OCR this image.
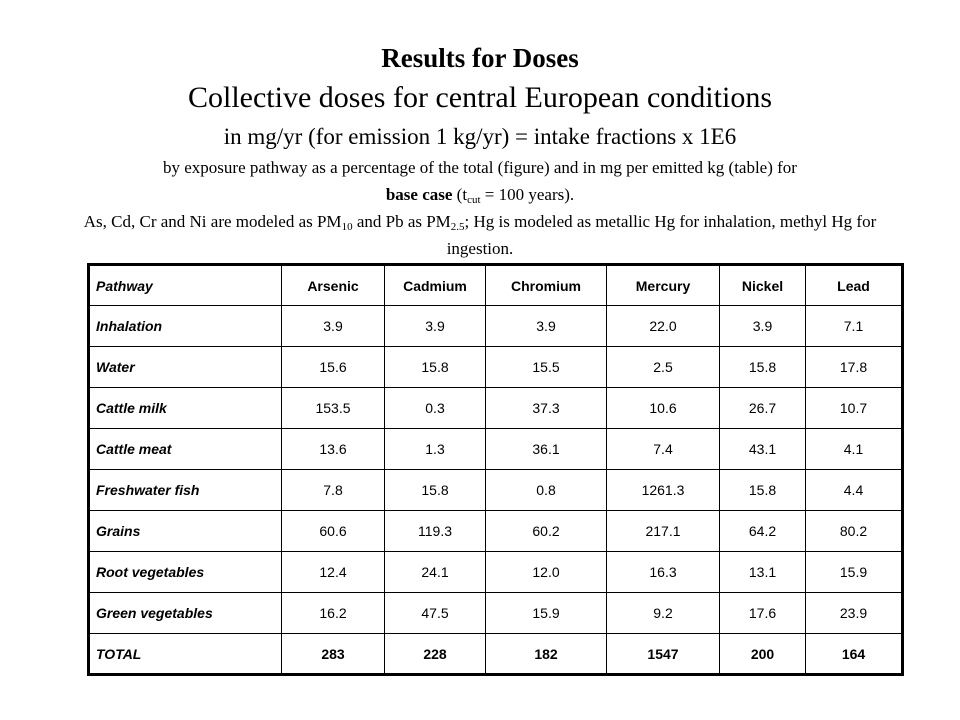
Results for Doses
Collective doses for central European conditions
in mg/yr (for emission 1 kg/yr) = intake fractions x 1E6
by exposure pathway as a percentage of the total (figure) and in mg per emitted kg (table) for
base case ($t_{cut} = 100$ years).
As, Cd, Cr and Ni are modeled as $PM_{10}$ and Pb as $PM_{2.5}$; Hg is modeled as metallic Hg for inhalation, methyl Hg for ingestion.
Pathway	Arsenic	Cadmium	Chromium	Mercury	Nickel	Lead
Inhalation	3.9	3.9	3.9	22.0	3.9	7.1
Water	15.6	15.8	15.5	2.5	15.8	17.8
Cattle milk	153.5	0.3	37.3	10.6	26.7	10.7
Cattle meat	13.6	1.3	36.1	7.4	43.1	4.1
Freshwater fish	7.8	15.8	0.8	1261.3	15.8	4.4
Grains	60.6	119.3	60.2	217.1	64.2	80.2
Root vegetables	12.4	24.1	12.0	16.3	13.1	15.9
Green vegetables	16.2	47.5	15.9	9.2	17.6	23.9
TOTAL	283	228	182	1547	200	164
